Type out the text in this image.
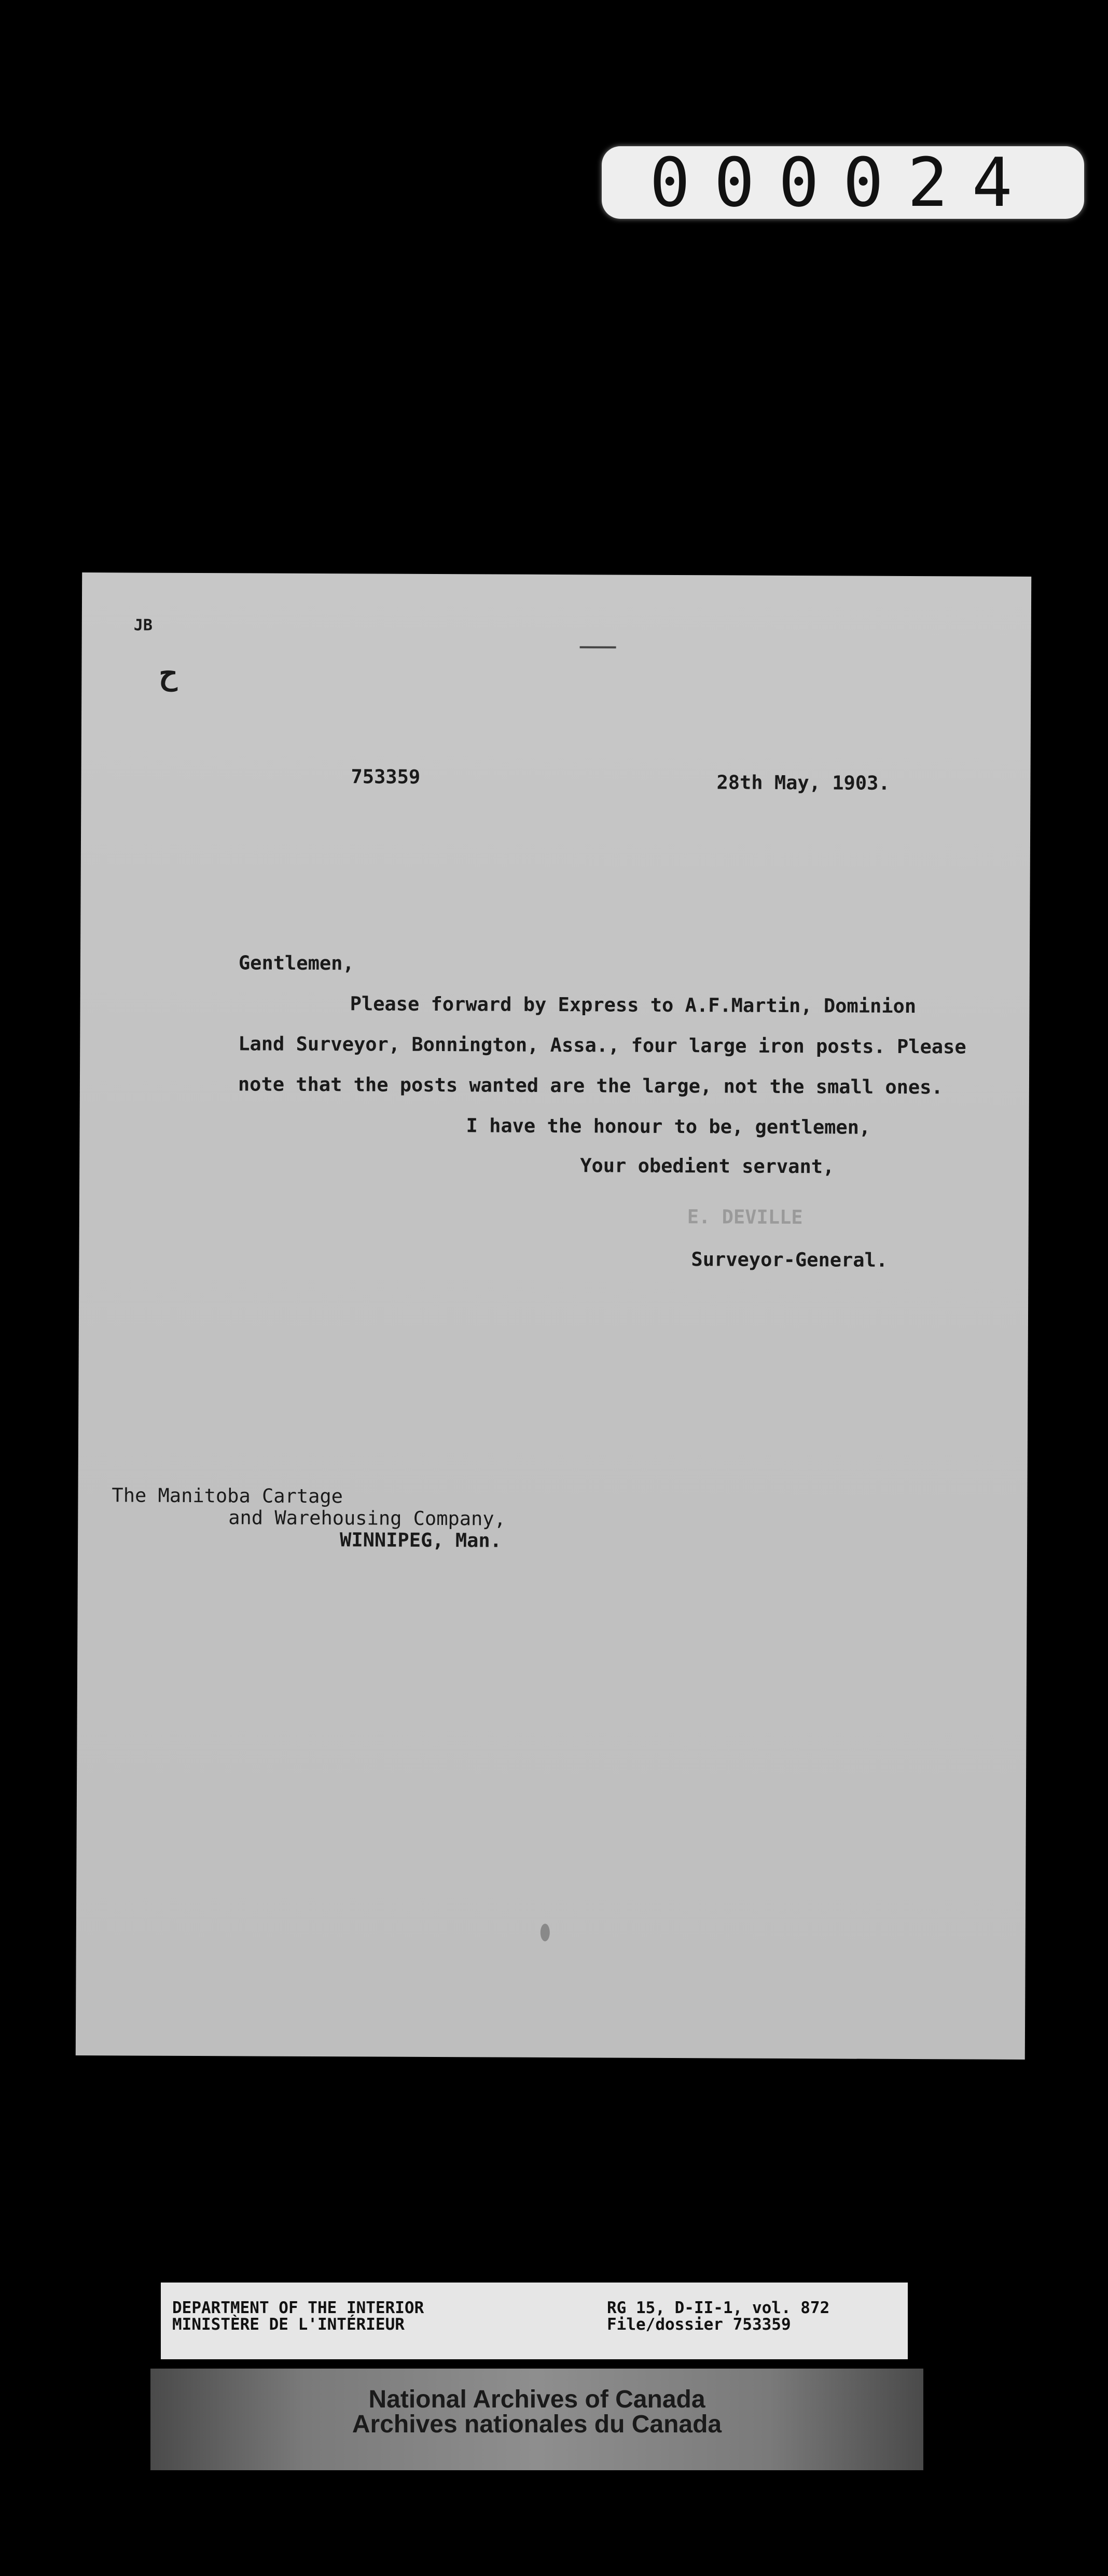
000024
JB
ح
753359	28th May, 1903.
Gentlemen,
Please forward by Express to A.F.Martin, Dominion
Land Surveyor, Bonnington, Assa., four large iron posts. Please
note that the posts wanted are the large, not the small ones.
I have the honour to be, gentlemen,
Your obedient servant,
E. DEVILLE
Surveyor-General.
The Manitoba Cartage
and Warehousing Company,
WINNIPEG, Man.
DEPARTMENT OF THE INTERIOR
MINISTÈRE DE L'INTÉRIEUR
RG 15, D-II-1, vol. 872
File/dossier 753359
National Archives of Canada
Archives nationales du Canada
